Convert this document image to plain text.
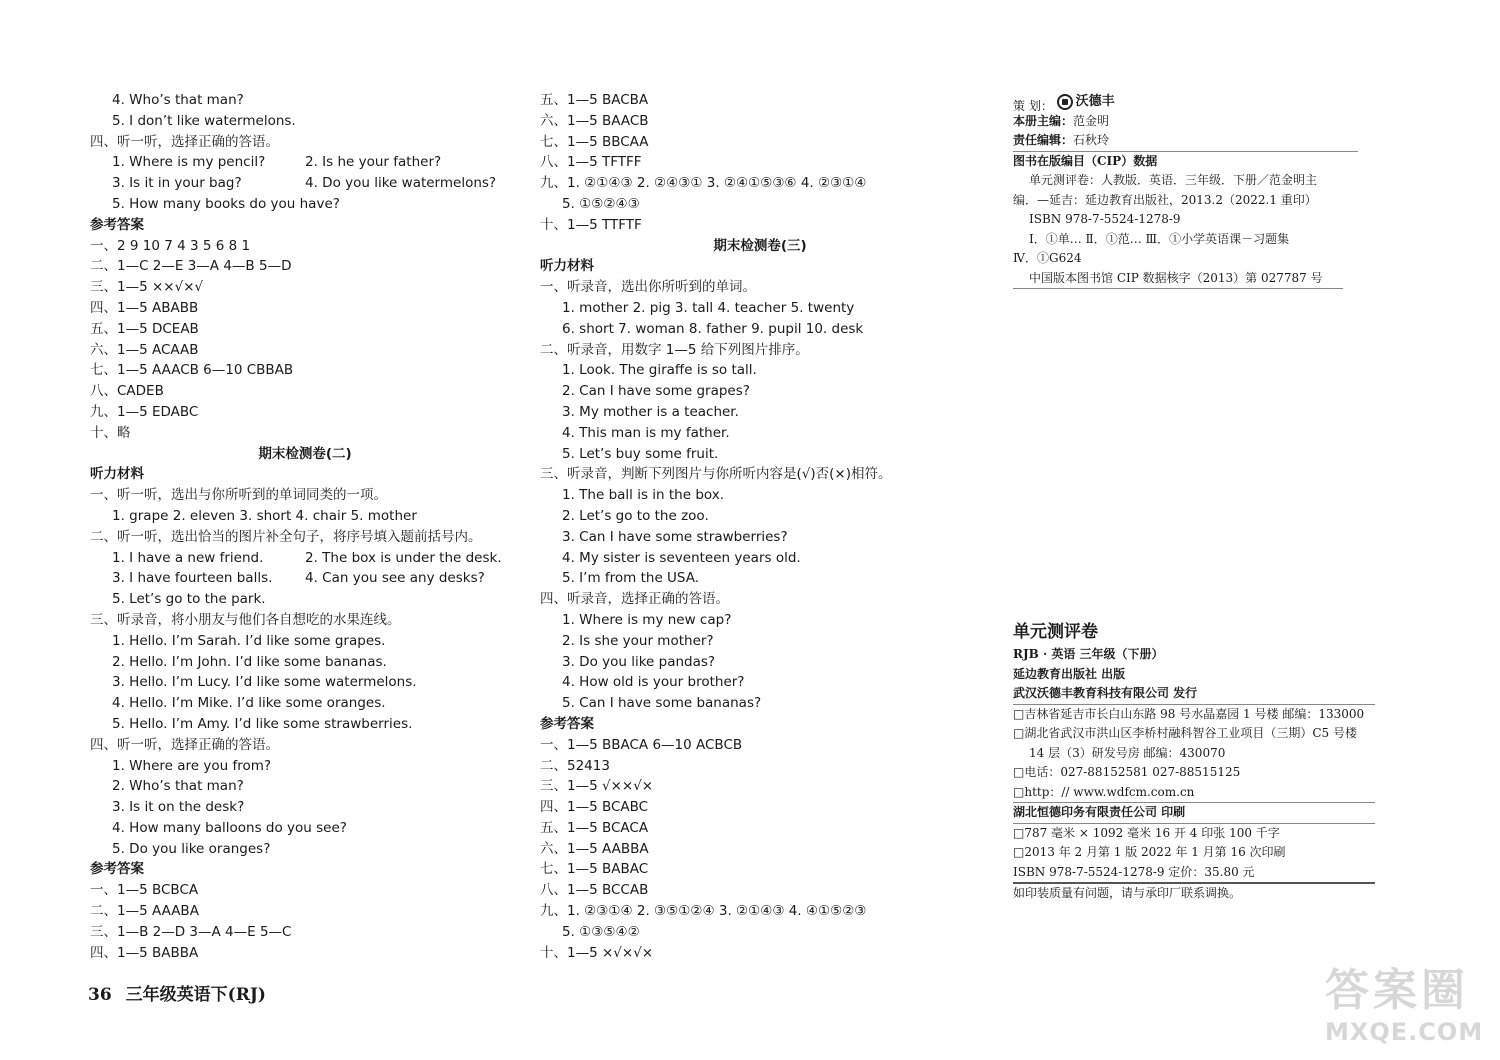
4. Who’s that man?
5. I don’t like watermelons.
四、听一听，选择正确的答语。
1. Where is my pencil?	2. Is he your father?
3. Is it in your bag?	4. Do you like watermelons?
5. How many books do you have?
参考答案
一、2 9 10 7 4 3 5 6 8 1
二、1—C 2—E 3—A 4—B 5—D
三、1—5 ××√×√
四、1—5 ABABB
五、1—5 DCEAB
六、1—5 ACAAB
七、1—5 AAACB 6—10 CBBAB
八、CADEB
九、1—5 EDABC
十、略
期末检测卷(二)
听力材料
一、听一听，选出与你所听到的单词同类的一项。
1. grape 2. eleven 3. short 4. chair 5. mother
二、听一听，选出恰当的图片补全句子，将序号填入题前括号内。
1. I have a new friend.	2. The box is under the desk.
3. I have fourteen balls.	4. Can you see any desks?
5. Let’s go to the park.
三、听录音，将小朋友与他们各自想吃的水果连线。
1. Hello. I’m Sarah. I’d like some grapes.
2. Hello. I’m John. I’d like some bananas.
3. Hello. I’m Lucy. I’d like some watermelons.
4. Hello. I’m Mike. I’d like some oranges.
5. Hello. I’m Amy. I’d like some strawberries.
四、听一听，选择正确的答语。
1. Where are you from?
2. Who’s that man?
3. Is it on the desk?
4. How many balloons do you see?
5. Do you like oranges?
参考答案
一、1—5 BCBCA
二、1—5 AAABA
三、1—B 2—D 3—A 4—E 5—C
四、1—5 BABBA
五、1—5 BACBA
六、1—5 BAACB
七、1—5 BBCAA
八、1—5 TFTFF
九、1. ②①④③ 2. ②④③① 3. ②④①⑤③⑥ 4. ②③①④
5. ①⑤②④③
十、1—5 TTFTF
期末检测卷(三)
听力材料
一、听录音，选出你所听到的单词。
1. mother 2. pig 3. tall 4. teacher 5. twenty
6. short 7. woman 8. father 9. pupil 10. desk
二、听录音，用数字 1—5 给下列图片排序。
1. Look. The giraffe is so tall.
2. Can I have some grapes?
3. My mother is a teacher.
4. This man is my father.
5. Let’s buy some fruit.
三、听录音，判断下列图片与你所听内容是(√)否(×)相符。
1. The ball is in the box.
2. Let’s go to the zoo.
3. Can I have some strawberries?
4. My sister is seventeen years old.
5. I’m from the USA.
四、听录音，选择正确的答语。
1. Where is my new cap?
2. Is she your mother?
3. Do you like pandas?
4. How old is your brother?
5. Can I have some bananas?
参考答案
一、1—5 BBACA 6—10 ACBCB
二、52413
三、1—5 √××√×
四、1—5 BCABC
五、1—5 BCACA
六、1—5 AABBA
七、1—5 BABAC
八、1—5 BCCAB
九、1. ②③①④ 2. ③⑤①②④ 3. ②①④③ 4. ④①⑤②③
5. ①③⑤④②
十、1—5 ×√×√×
策 划： 沃德丰
本册主编：范金明
责任编辑：石秋玲
图书在版编目（CIP）数据
单元测评卷：人教版．英语．三年级．下册／范金明主
编．—延吉：延边教育出版社，2013.2（2022.1 重印）
ISBN 978-7-5524-1278-9
Ⅰ．①单… Ⅱ．①范… Ⅲ．①小学英语课－习题集
Ⅳ．①G624
中国版本图书馆 CIP 数据核字（2013）第 027787 号
单元测评卷
RJB · 英语 三年级（下册）
延边教育出版社 出版
武汉沃德丰教育科技有限公司 发行
□吉林省延吉市长白山东路 98 号水晶嘉园 1 号楼 邮编：133000
□湖北省武汉市洪山区李桥村融科智谷工业项目（三期）C5 号楼
14 层（3）研发号房 邮编：430070
□电话：027-88152581 027-88515125
□http：// www.wdfcm.com.cn
湖北恒德印务有限责任公司 印刷
□787 毫米 × 1092 毫米 16 开 4 印张 100 千字
□2013 年 2 月第 1 版 2022 年 1 月第 16 次印刷
ISBN 978-7-5524-1278-9 定价：35.80 元
如印装质量有问题，请与承印厂联系调换。
36 三年级英语下(RJ)	答案圈
MXQE.COM
